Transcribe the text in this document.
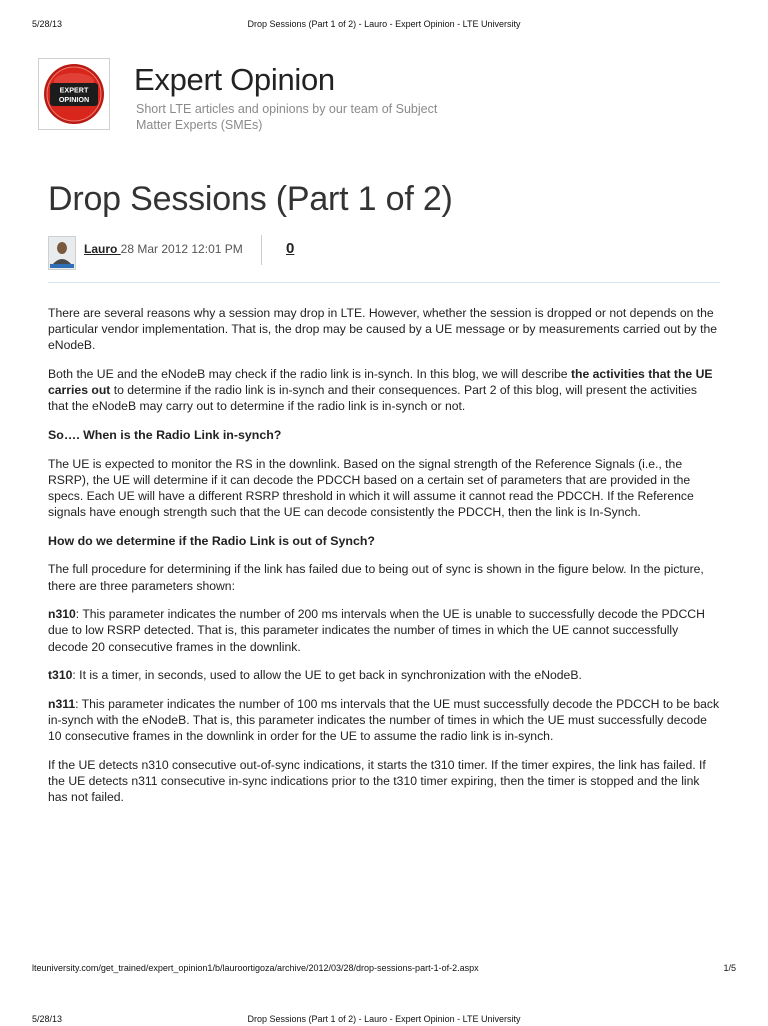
5/28/13	Drop Sessions (Part 1 of 2) - Lauro - Expert Opinion - LTE University
EXPERT
OPINION
Expert Opinion
Short LTE articles and opinions by our team of Subject Matter Experts (SMEs)
Drop Sessions (Part 1 of 2)
Lauro 28 Mar 2012 12:01 PM	0

There are several reasons why a session may drop in LTE. However, whether the session is dropped or not depends on the particular vendor implementation. That is, the drop may be caused by a UE message or by measurements carried out by the eNodeB.

Both the UE and the eNodeB may check if the radio link is in-synch. In this blog, we will describe the activities that the UE carries out to determine if the radio link is in-synch and their consequences. Part 2 of this blog, will present the activities that the eNodeB may carry out to determine if the radio link is in-synch or not.

So…. When is the Radio Link in-synch?

The UE is expected to monitor the RS in the downlink. Based on the signal strength of the Reference Signals (i.e., the RSRP), the UE will determine if it can decode the PDCCH based on a certain set of parameters that are provided in the specs. Each UE will have a different RSRP threshold in which it will assume it cannot read the PDCCH. If the Reference signals have enough strength such that the UE can decode consistently the PDCCH, then the link is In-Synch.

How do we determine if the Radio Link is out of Synch?

The full procedure for determining if the link has failed due to being out of sync is shown in the figure below. In the picture, there are three parameters shown:

n310: This parameter indicates the number of 200 ms intervals when the UE is unable to successfully decode the PDCCH due to low RSRP detected. That is, this parameter indicates the number of times in which the UE cannot successfully decode 20 consecutive frames in the downlink.

t310: It is a timer, in seconds, used to allow the UE to get back in synchronization with the eNodeB.

n311: This parameter indicates the number of 100 ms intervals that the UE must successfully decode the PDCCH to be back in-synch with the eNodeB. That is, this parameter indicates the number of times in which the UE must successfully decode 10 consecutive frames in the downlink in order for the UE to assume the radio link is in-synch.

If the UE detects n310 consecutive out-of-sync indications, it starts the t310 timer. If the timer expires, the link has failed. If the UE detects n311 consecutive in-sync indications prior to the t310 timer expiring, then the timer is stopped and the link has not failed.

lteuniversity.com/get_trained/expert_opinion1/b/lauroortigoza/archive/2012/03/28/drop-sessions-part-1-of-2.aspx	1/5
5/28/13	Drop Sessions (Part 1 of 2) - Lauro - Expert Opinion - LTE University
